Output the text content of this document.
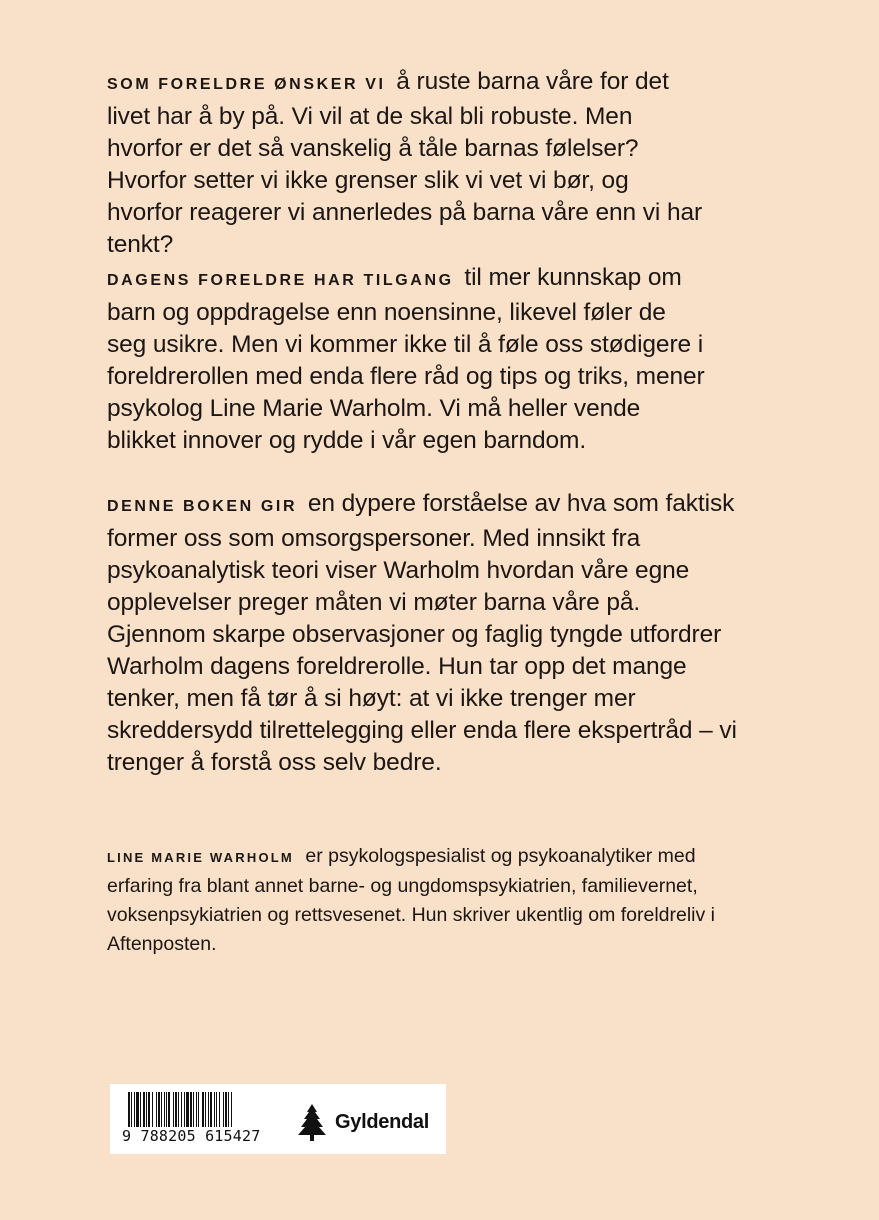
SOM FORELDRE ØNSKER VI å ruste barna våre for det livet har å by på. Vi vil at de skal bli robuste. Men hvorfor er det så vanskelig å tåle barnas følelser? Hvorfor setter vi ikke grenser slik vi vet vi bør, og hvorfor reagerer vi annerledes på barna våre enn vi har tenkt?

DAGENS FORELDRE HAR TILGANG til mer kunnskap om barn og oppdragelse enn noensinne, likevel føler de seg usikre. Men vi kommer ikke til å føle oss stødigere i foreldrerollen med enda flere råd og tips og triks, mener psykolog Line Marie Warholm. Vi må heller vende blikket innover og rydde i vår egen barndom.

DENNE BOKEN GIR en dypere forståelse av hva som faktisk former oss som omsorgspersoner. Med innsikt fra psykoanalytisk teori viser Warholm hvordan våre egne opplevelser preger måten vi møter barna våre på. Gjennom skarpe observasjoner og faglig tyngde utfordrer Warholm dagens foreldrerolle. Hun tar opp det mange tenker, men få tør å si høyt: at vi ikke trenger mer skreddersydd tilrettelegging eller enda flere ekspertråd – vi trenger å forstå oss selv bedre.

LINE MARIE WARHOLM er psykologspesialist og psykoanalytiker med erfaring fra blant annet barne- og ungdomspsykiatrien, familievernet, voksenpsykiatrien og rettsvesenet. Hun skriver ukentlig om foreldreliv i Aftenposten.

9 788205 615427
Gyldendal
